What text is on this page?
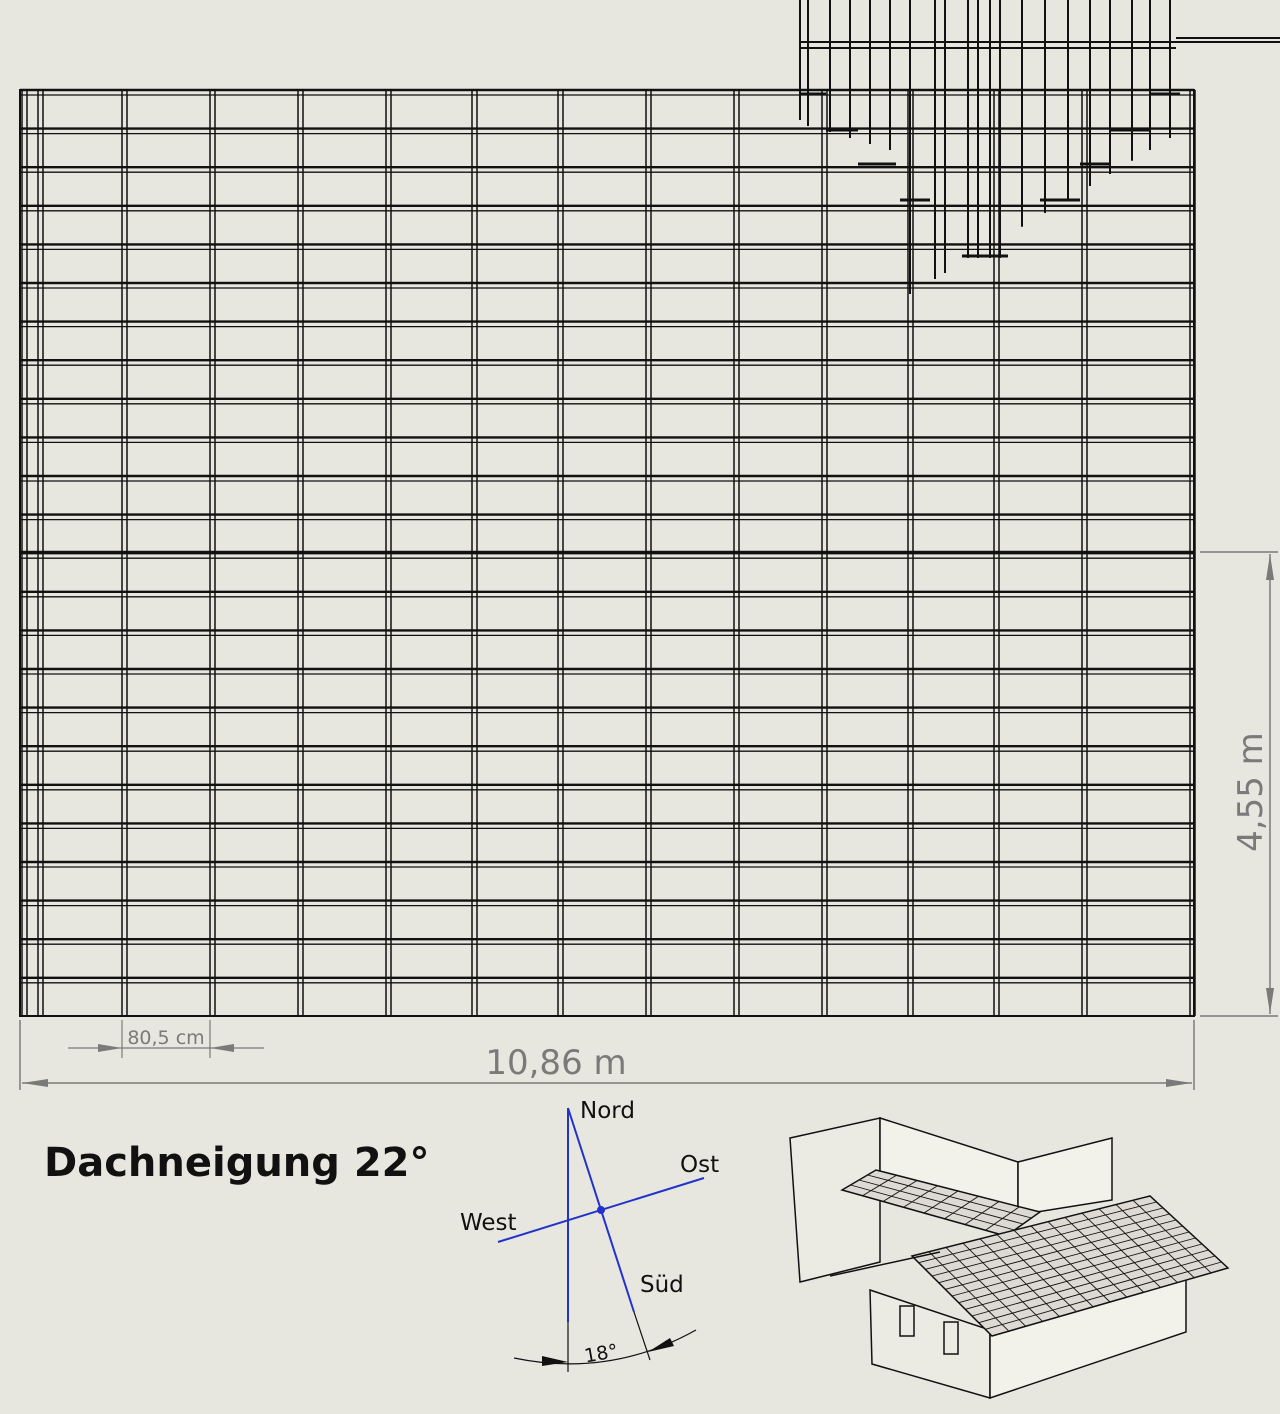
10,86 m
80,5 cm
4,55 m
Dachneigung 22°
Nord
Ost
West
Süd
18°
